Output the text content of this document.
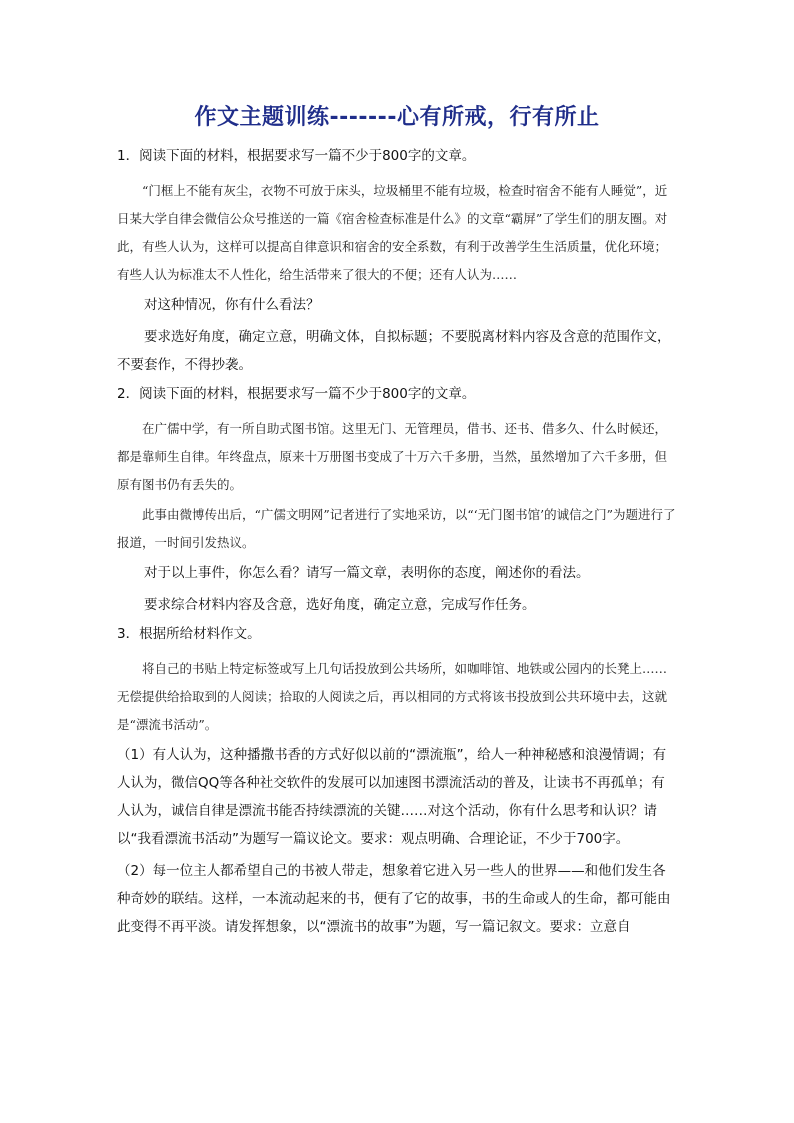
作文主题训练-------心有所戒，行有所止

1．阅读下面的材料，根据要求写一篇不少于800字的文章。

“门框上不能有灰尘，衣物不可放于床头，垃圾桶里不能有垃圾，检查时宿舍不能有人睡觉”，近日某大学自律会微信公众号推送的一篇《宿舍检查标准是什么》的文章“霸屏”了学生们的朋友圈。对此，有些人认为，这样可以提高自律意识和宿舍的安全系数，有利于改善学生生活质量，优化环境；有些人认为标准太不人性化，给生活带来了很大的不便；还有人认为……

对这种情况，你有什么看法？

要求选好角度，确定立意，明确文体，自拟标题；不要脱离材料内容及含意的范围作文，不要套作，不得抄袭。

2．阅读下面的材料，根据要求写一篇不少于800字的文章。

在广儒中学，有一所自助式图书馆。这里无门、无管理员，借书、还书、借多久、什么时候还，都是靠师生自律。年终盘点，原来十万册图书变成了十万六千多册，当然，虽然增加了六千多册，但原有图书仍有丢失的。

此事由微博传出后，“广儒文明网”记者进行了实地采访，以“‘无门图书馆’的诚信之门”为题进行了报道，一时间引发热议。

对于以上事件，你怎么看？请写一篇文章，表明你的态度，阐述你的看法。

要求综合材料内容及含意，选好角度，确定立意，完成写作任务。

3．根据所给材料作文。

将自己的书贴上特定标签或写上几句话投放到公共场所，如咖啡馆、地铁或公园内的长凳上……无偿提供给拾取到的人阅读；拾取的人阅读之后，再以相同的方式将该书投放到公共环境中去，这就是“漂流书活动”。

（1）有人认为，这种播撒书香的方式好似以前的“漂流瓶”，给人一种神秘感和浪漫情调；有人认为，微信QQ等各种社交软件的发展可以加速图书漂流活动的普及，让读书不再孤单；有人认为，诚信自律是漂流书能否持续漂流的关键……对这个活动，你有什么思考和认识？请以“我看漂流书活动”为题写一篇议论文。要求：观点明确、合理论证，不少于700字。

（2）每一位主人都希望自己的书被人带走，想象着它进入另一些人的世界——和他们发生各种奇妙的联结。这样，一本流动起来的书，便有了它的故事，书的生命或人的生命，都可能由此变得不再平淡。请发挥想象，以“漂流书的故事”为题，写一篇记叙文。要求：立意自
